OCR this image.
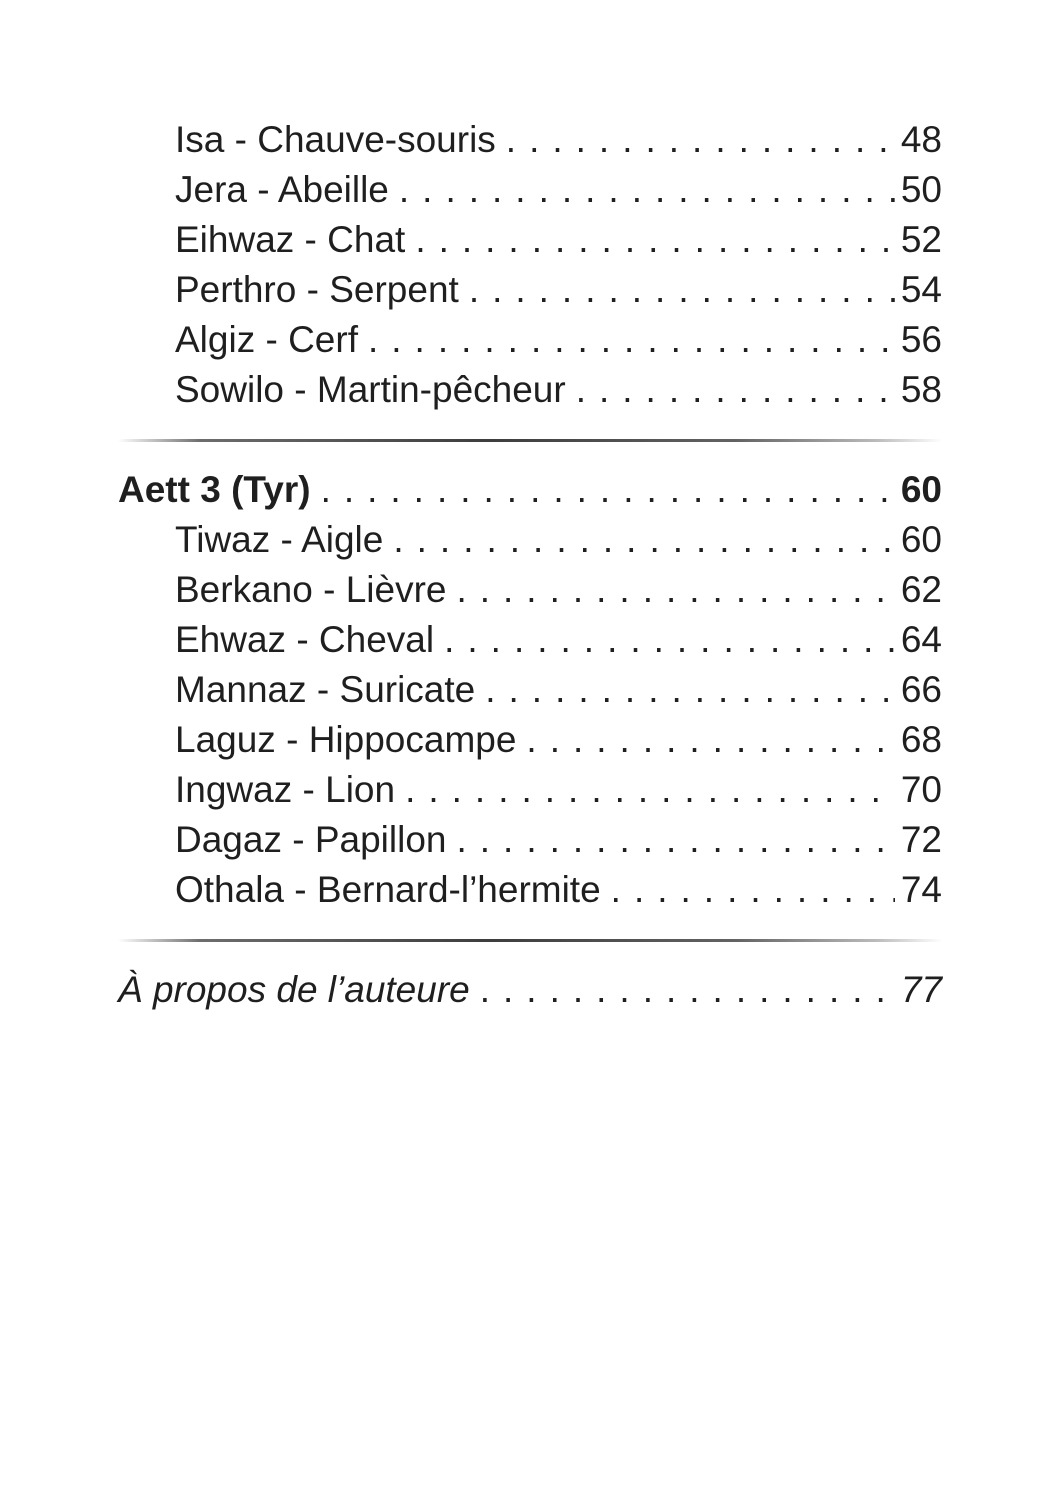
Isa - Chauve-souris .....	48
Jera - Abeille .....	50
Eihwaz - Chat .....	52
Perthro - Serpent .....	54
Algiz - Cerf .....	56
Sowilo - Martin-pêcheur .....	58
Aett 3 (Tyr) .....	60
Tiwaz - Aigle .....	60
Berkano - Lièvre .....	62
Ehwaz - Cheval .....	64
Mannaz - Suricate .....	66
Laguz - Hippocampe .....	68
Ingwaz - Lion .....	70
Dagaz - Papillon .....	72
Othala - Bernard-l’hermite .....	74
À propos de l’auteure .....	77
